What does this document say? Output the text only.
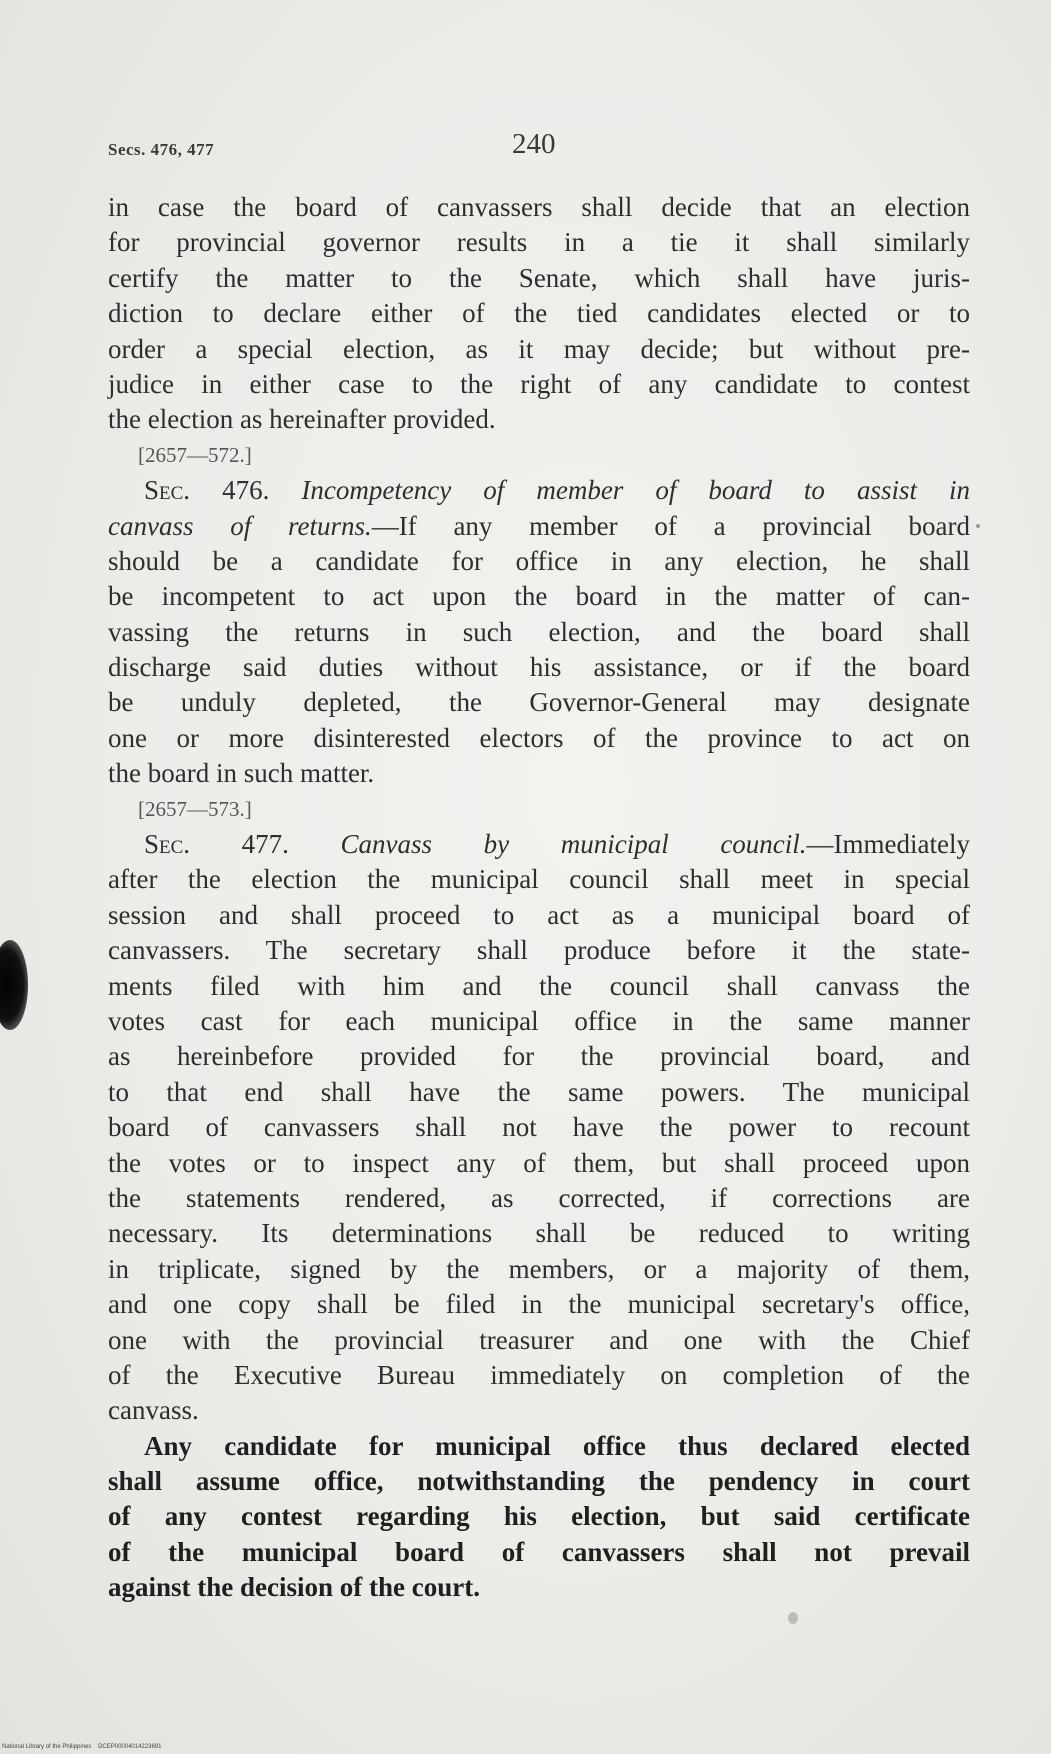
Secs. 476, 477	240
in case the board of canvassers shall decide that an election
for provincial governor results in a tie it shall similarly
certify the matter to the Senate, which shall have juris-
diction to declare either of the tied candidates elected or to
order a special election, as it may decide; but without pre-
judice in either case to the right of any candidate to contest
the election as hereinafter provided.
[2657—572.]
Sec. 476. Incompetency of member of board to assist in
canvass of returns.—If any member of a provincial board
should be a candidate for office in any election, he shall
be incompetent to act upon the board in the matter of can-
vassing the returns in such election, and the board shall
discharge said duties without his assistance, or if the board
be unduly depleted, the Governor-General may designate
one or more disinterested electors of the province to act on
the board in such matter.
[2657—573.]
Sec. 477. Canvass by municipal council.—Immediately
after the election the municipal council shall meet in special
session and shall proceed to act as a municipal board of
canvassers. The secretary shall produce before it the state-
ments filed with him and the council shall canvass the
votes cast for each municipal office in the same manner
as hereinbefore provided for the provincial board, and
to that end shall have the same powers. The municipal
board of canvassers shall not have the power to recount
the votes or to inspect any of them, but shall proceed upon
the statements rendered, as corrected, if corrections are
necessary. Its determinations shall be reduced to writing
in triplicate, signed by the members, or a majority of them,
and one copy shall be filed in the municipal secretary's office,
one with the provincial treasurer and one with the Chief
of the Executive Bureau immediately on completion of the
canvass.
Any candidate for municipal office thus declared elected
shall assume office, notwithstanding the pendency in court
of any contest regarding his election, but said certificate
of the municipal board of canvassers shall not prevail
against the decision of the court.
National Library of the Philippines DCEP00004014223691
